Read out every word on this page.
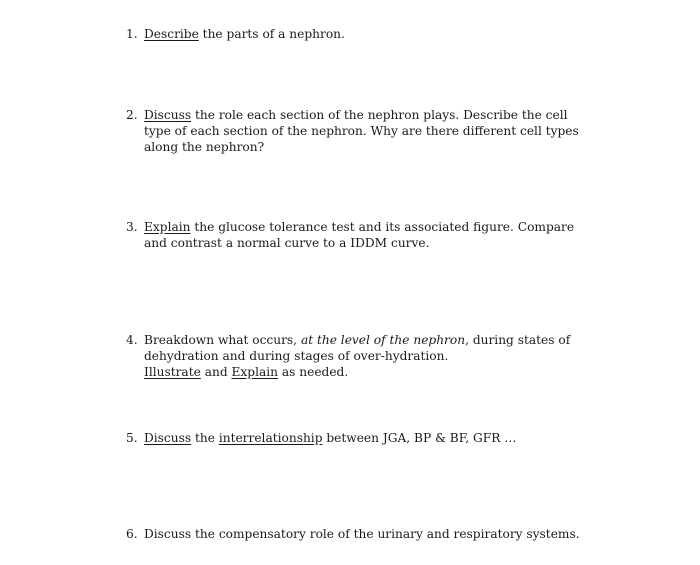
1. Describe the parts of a nephron.
2. Discuss the role each section of the nephron plays. Describe the cell type of each section of the nephron. Why are there different cell types along the nephron?
3. Explain the glucose tolerance test and its associated figure. Compare and contrast a normal curve to a IDDM curve.
4. Breakdown what occurs, at the level of the nephron, during states of dehydration and during stages of over-hydration.
Illustrate and Explain as needed.
5. Discuss the interrelationship between JGA, BP & BF, GFR …
6. Discuss the compensatory role of the urinary and respiratory systems.
